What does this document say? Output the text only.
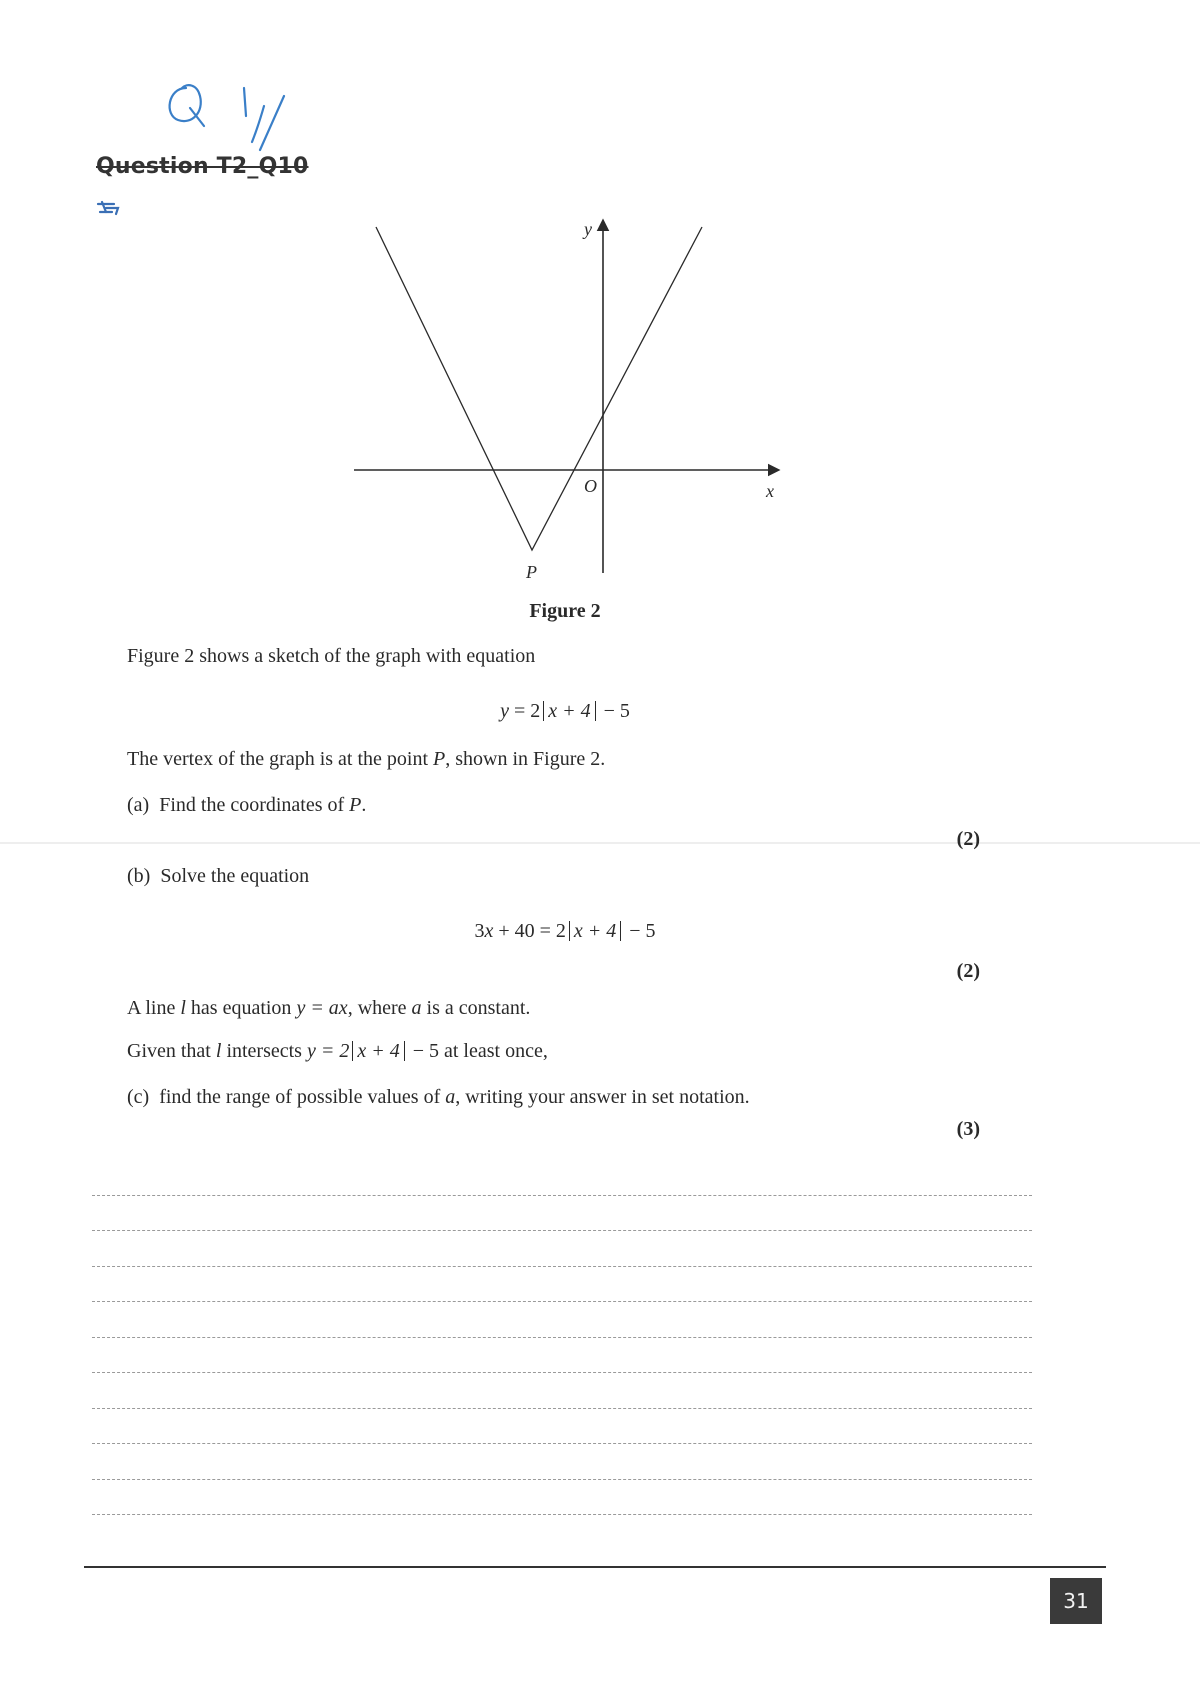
Question T2_Q10
y
x
O
P
Figure 2
Figure 2 shows a sketch of the graph with equation
y = 2 x + 4 − 5
The vertex of the graph is at the point P, shown in Figure 2.
(a) Find the coordinates of P.
(2)
(b) Solve the equation
3x + 40 = 2 x + 4 − 5
(2)
A line l has equation y = ax, where a is a constant.
Given that l intersects y = 2 x + 4 − 5 at least once,
(c) find the range of possible values of a, writing your answer in set notation.
(3)
31
